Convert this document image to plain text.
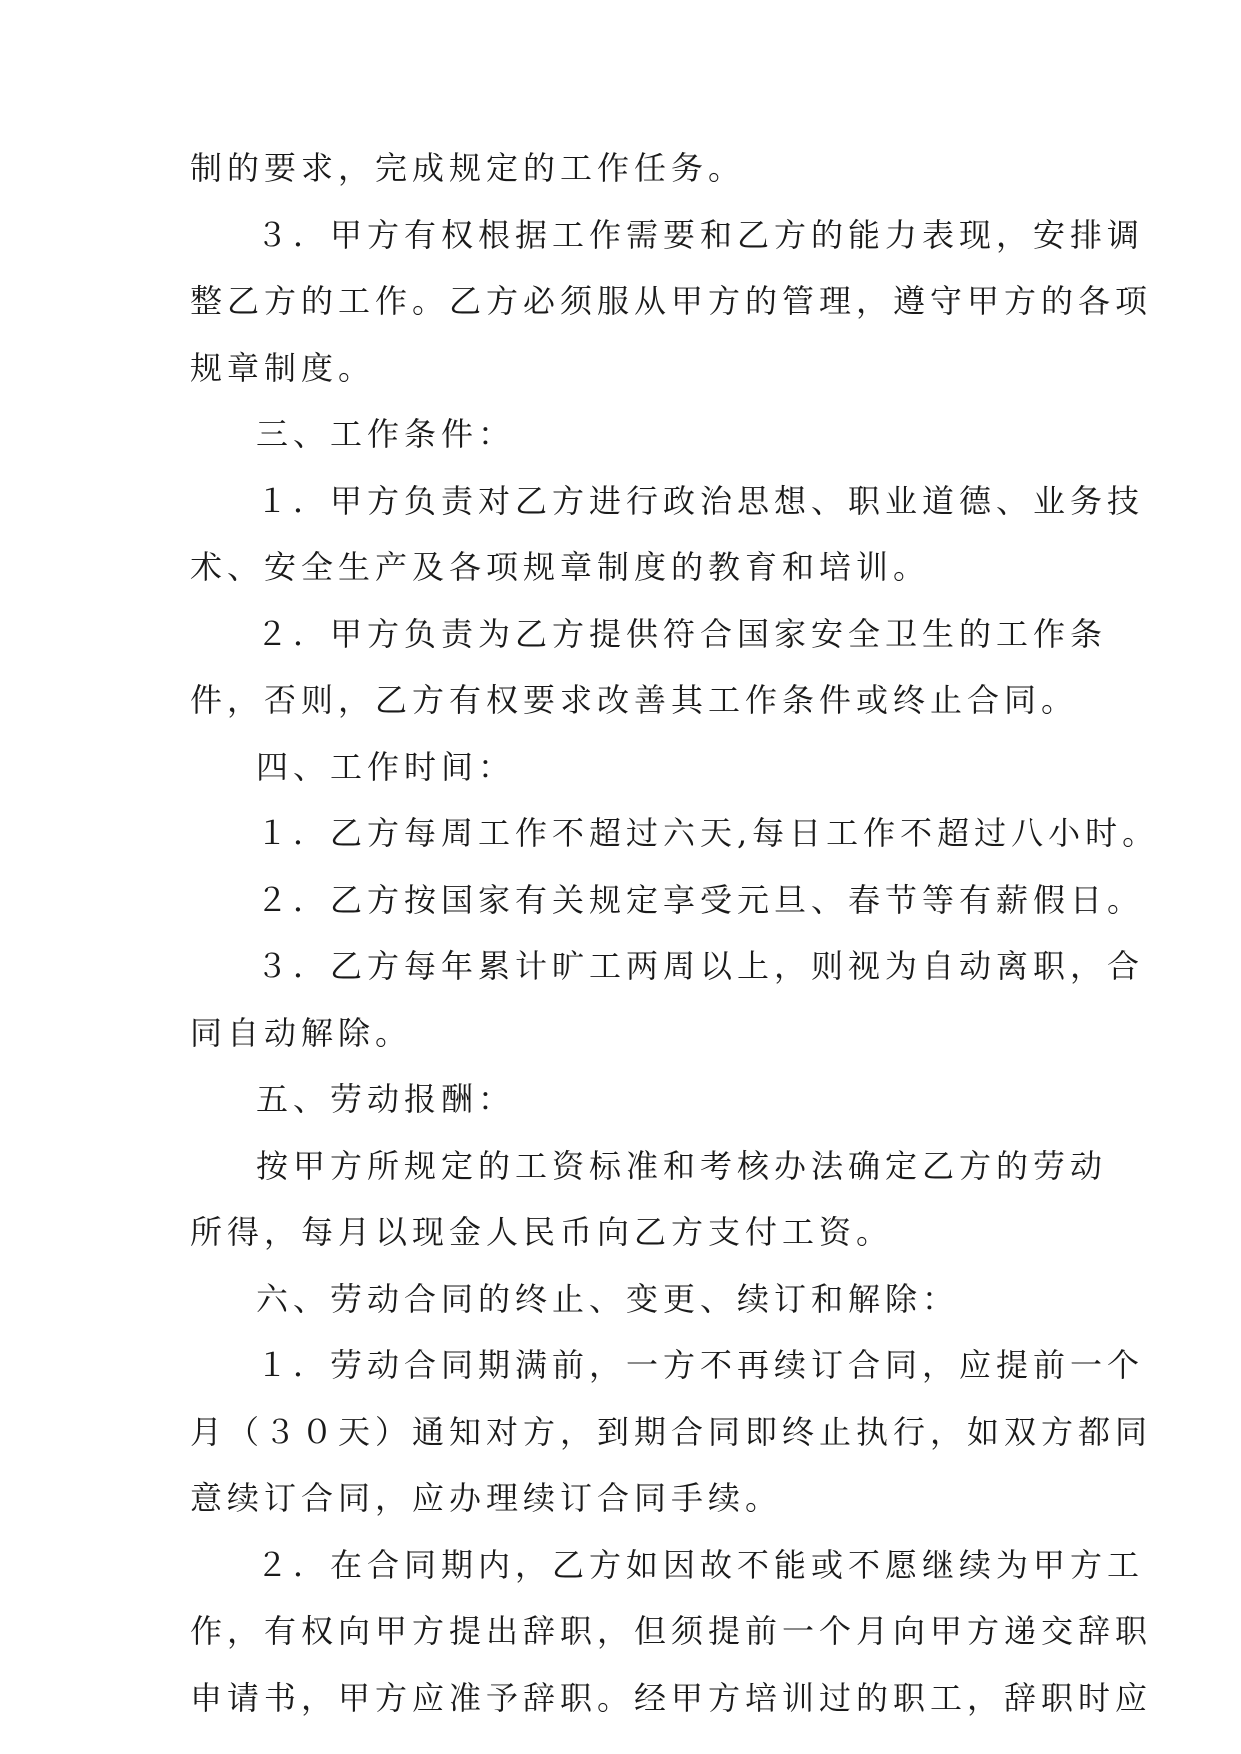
制的要求，完成规定的工作任务。
３．甲方有权根据工作需要和乙方的能力表现，安排调
整乙方的工作。乙方必须服从甲方的管理，遵守甲方的各项
规章制度。
三、工作条件：
１．甲方负责对乙方进行政治思想、职业道德、业务技
术、安全生产及各项规章制度的教育和培训。
２．甲方负责为乙方提供符合国家安全卫生的工作条
件，否则，乙方有权要求改善其工作条件或终止合同。
四、工作时间：
１．乙方每周工作不超过六天,每日工作不超过八小时。
２．乙方按国家有关规定享受元旦、春节等有薪假日。
３．乙方每年累计旷工两周以上，则视为自动离职，合
同自动解除。
五、劳动报酬：
按甲方所规定的工资标准和考核办法确定乙方的劳动
所得，每月以现金人民币向乙方支付工资。
六、劳动合同的终止、变更、续订和解除：
１．劳动合同期满前，一方不再续订合同，应提前一个
月（３０天）通知对方，到期合同即终止执行，如双方都同
意续订合同，应办理续订合同手续。
２．在合同期内，乙方如因故不能或不愿继续为甲方工
作，有权向甲方提出辞职，但须提前一个月向甲方递交辞职
申请书，甲方应准予辞职。经甲方培训过的职工，辞职时应
